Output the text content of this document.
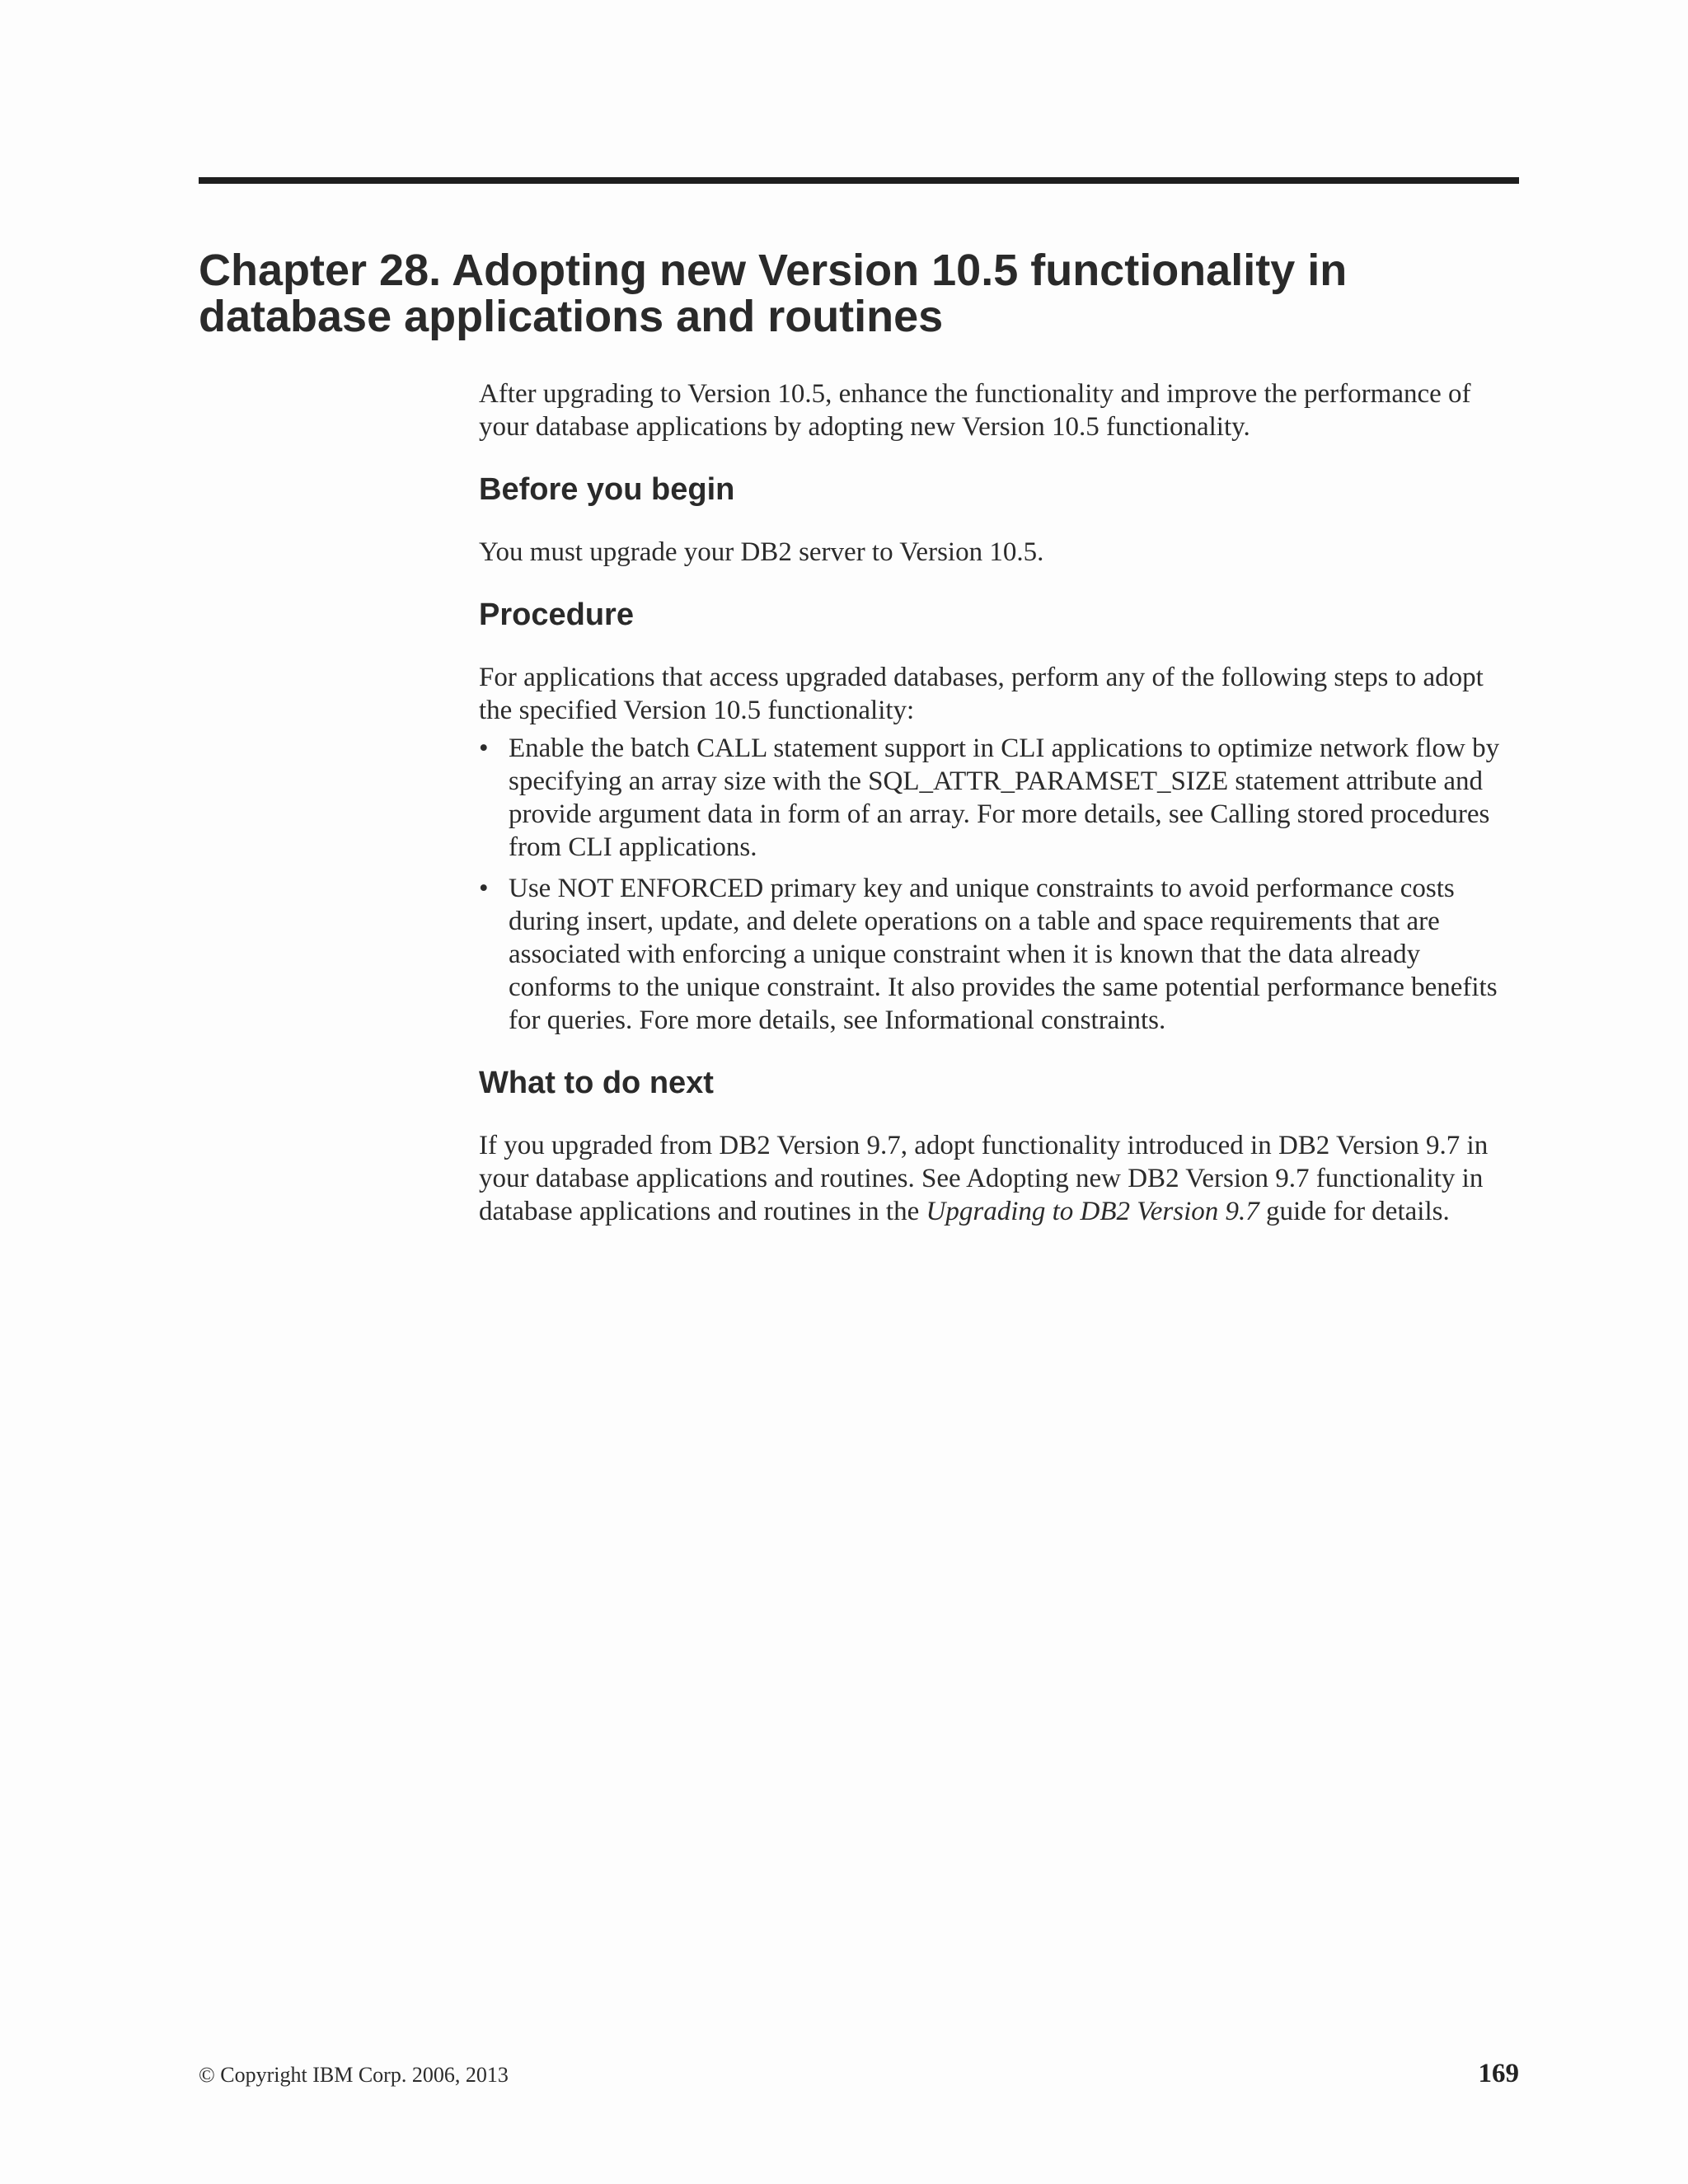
Chapter 28. Adopting new Version 10.5 functionality in
database applications and routines

After upgrading to Version 10.5, enhance the functionality and improve the performance of your database applications by adopting new Version 10.5 functionality.

Before you begin

You must upgrade your DB2 server to Version 10.5.

Procedure

For applications that access upgraded databases, perform any of the following steps to adopt the specified Version 10.5 functionality:

• Enable the batch CALL statement support in CLI applications to optimize network flow by specifying an array size with the SQL_ATTR_PARAMSET_SIZE statement attribute and provide argument data in form of an array. For more details, see Calling stored procedures from CLI applications.
• Use NOT ENFORCED primary key and unique constraints to avoid performance costs during insert, update, and delete operations on a table and space requirements that are associated with enforcing a unique constraint when it is known that the data already conforms to the unique constraint. It also provides the same potential performance benefits for queries. Fore more details, see Informational constraints.
What to do next

If you upgraded from DB2 Version 9.7, adopt functionality introduced in DB2 Version 9.7 in your database applications and routines. See Adopting new DB2 Version 9.7 functionality in database applications and routines in the Upgrading to DB2 Version 9.7 guide for details.

© Copyright IBM Corp. 2006, 2013	169
